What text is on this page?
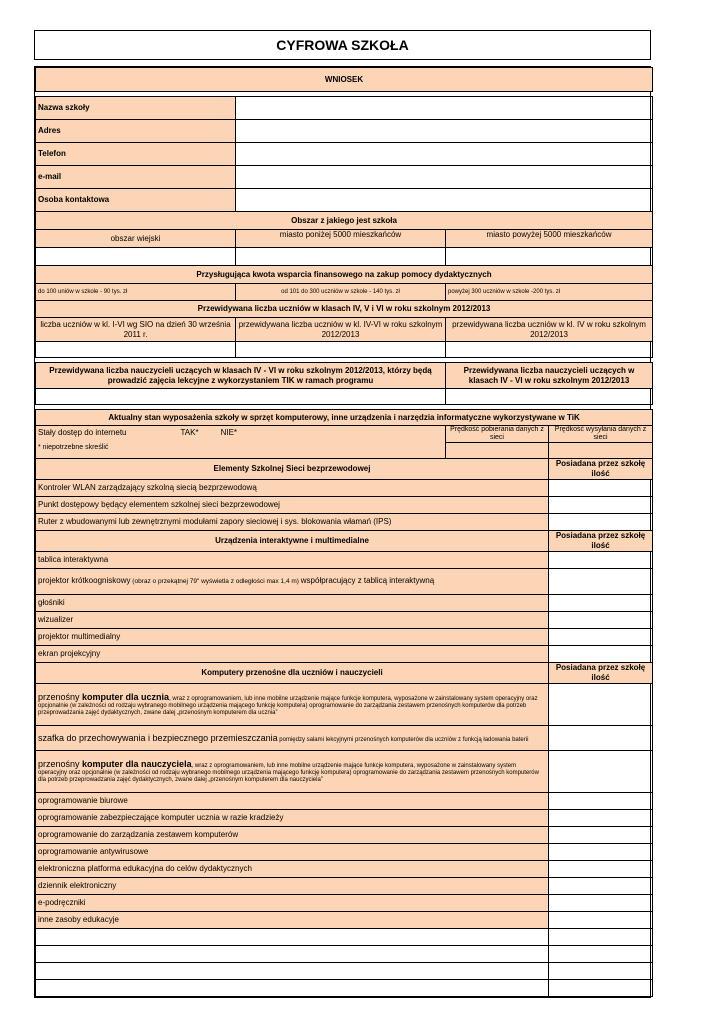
CYFROWA SZKOŁA
WNIOSEK			

Nazwa szkoły			
Adres			
Telefon			
e-mail			
Osoba kontaktowa			
Obszar z jakiego jest szkoła			
obszar wiejski	miasto poniżej 5000 mieszkańców	miasto powyżej 5000 mieszkańców	

Przysługująca kwota wsparcia finansowego na zakup pomocy dydaktycznych			
do 100 uniów w szkole - 90 tys. zł	od 101 do 300 uczniów w szkole - 140 tys. zł	powyżej 300 uczniów w szkole -200 tys. zł	
Przewidywana liczba uczniów w klasach IV, V i VI w roku szkolnym 2012/2013			
liczba uczniów w kl. I-VI wg SIO na dzień 30 września 2011 r.	przewidywana liczba uczniów w kl. IV-VI w roku szkolnym 2012/2013	przewidywana liczba uczniów w kl. IV w roku szkolnym 2012/2013	

Przewidywana liczba nauczycieli uczących w klasach IV - VI w roku szkolnym 2012/2013, którzy będą prowadzić zajęcia lekcyjne z wykorzystaniem TIK w ramach programu		Przewidywana liczba nauczycieli uczących w klasach IV - VI w roku szkolnym 2012/2013	

Aktualny stan wyposażenia szkoły w sprzęt komputerowy, inne urządzenia i narzędzia informatyczne wykorzystywane w TiK			

Stały dostęp do internetu TAK* NIE*
* niepotrzebne skreślić		Prędkość pobierania danych z sieci	Prędkość wysyłania danych z sieci

Elementy Szkolnej Sieci bezprzewodowej			Posiadana przez szkołę ilość
Kontroler WLAN zarządzający szkolną siecią bezprzewodową			
Punkt dostępowy będący elementem szkolnej sieci bezprzewodowej			
Ruter z wbudowanymi lub zewnętrznymi modułami zapory sieciowej i sys. blokowania włamań (IPS)			
Urządzenia interaktywne i multimedialne			Posiadana przez szkołę ilość
tablica interaktywna			
projektor krótkoogniskowy (obraz o przekątnej 79" wyświetla z odległości max 1,4 m) współpracujący z tablicą interaktywną			
głośniki			
wizualizer			
projektor multimedialny			
ekran projekcyjny			
Komputery przenośne dla uczniów i nauczycieli			Posiadana przez szkołę ilość
przenośny komputer dla ucznia, wraz z oprogramowaniem, lub inne mobilne urządzenie mające funkcje komputera, wyposażone w zainstalowany system operacyjny oraz opcjonalnie (w zależności od rodzaju wybranego mobilnego urządzenia mającego funkcję komputera) oprogramowanie do zarządzania zestawem przenośnych komputerów dla potrzeb przeprowadzania zajęć dydaktycznych, zwane dalej „przenośnym komputerem dla ucznia”			
szafka do przechowywania i bezpiecznego przemieszczania pomiędzy salami lekcyjnymi przenośnych komputerów dla uczniów z funkcją ładowania baterii			
przenośny komputer dla nauczyciela, wraz z oprogramowaniem, lub inne mobilne urządzenie mające funkcje komputera, wyposażone w zainstalowany system operacyjny oraz opcjonalnie (w zależności od rodzaju wybranego mobilnego urządzenia mającego funkcję komputera) oprogramowanie do zarządzania zestawem przenośnych komputerów dla potrzeb przeprowadzania zajęć dydaktycznych, zwane dalej „przenośnym komputerem dla nauczyciela”			
oprogramowanie biurowe			
oprogramowanie zabezpieczające komputer ucznia w razie kradzieży			
oprogramowanie do zarządzania zestawem komputerów			
oprogramowanie antywirusowe			
elektroniczna platforma edukacyjna do celów dydaktycznych			
dziennik elektroniczny			
e-podręczniki			
inne zasoby edukacyje			
